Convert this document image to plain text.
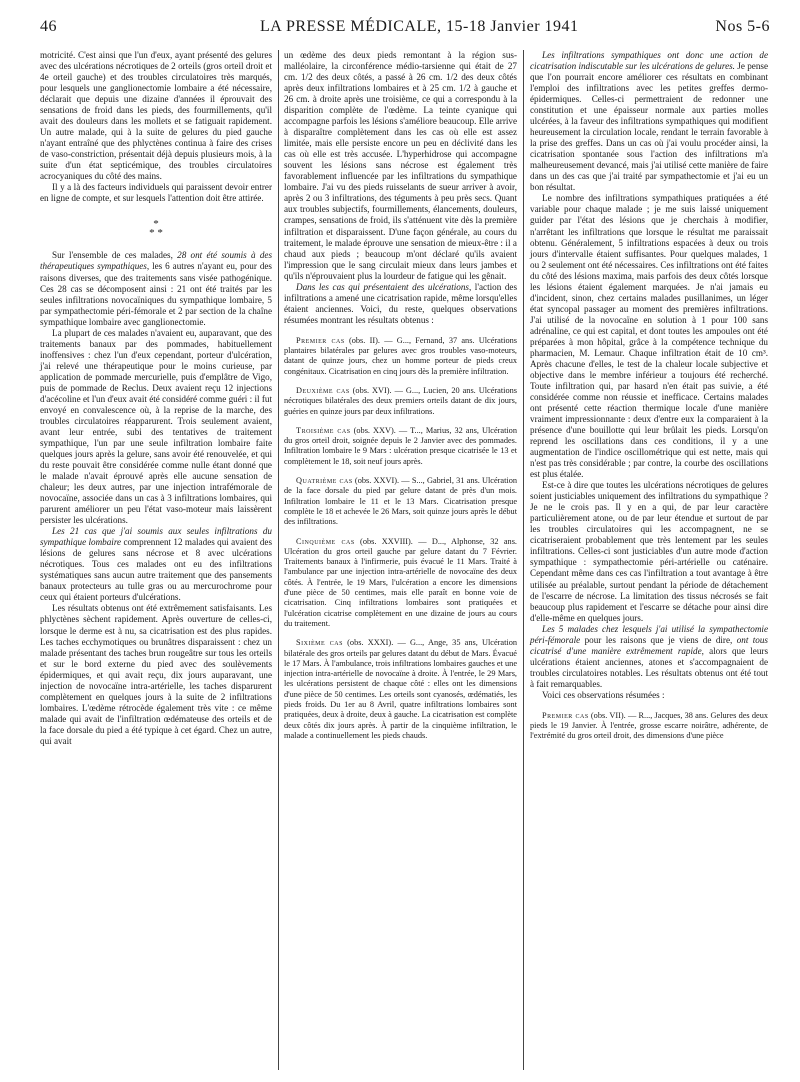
46	LA PRESSE MÉDICALE, 15-18 Janvier 1941	Nos 5-6

motricité. C'est ainsi que l'un d'eux, ayant présenté des gelures avec des ulcérations nécrotiques de 2 orteils (gros orteil droit et 4e orteil gauche) et des troubles circulatoires très marqués, pour lesquels une ganglionectomie lombaire a été nécessaire, déclarait que depuis une dizaine d'années il éprouvait des sensations de froid dans les pieds, des fourmillements, qu'il avait des douleurs dans les mollets et se fatiguait rapidement. Un autre malade, qui à la suite de gelures du pied gauche n'ayant entraîné que des phlyctènes continua à faire des crises de vaso-constriction, présentait déjà depuis plusieurs mois, à la suite d'un état septicémique, des troubles circulatoires acrocyaniques du côté des mains.

Il y a là des facteurs individuels qui paraissent devoir entrer en ligne de compte, et sur lesquels l'attention doit être attirée.

*
* *

Sur l'ensemble de ces malades, 28 ont été soumis à des thérapeutiques sympathiques, les 6 autres n'ayant eu, pour des raisons diverses, que des traitements sans visée pathogénique. Ces 28 cas se décomposent ainsi : 21 ont été traités par les seules infiltrations novocaïniques du sympathique lombaire, 5 par sympathectomie péri-fémorale et 2 par section de la chaîne sympathique lombaire avec ganglionectomie.

La plupart de ces malades n'avaient eu, auparavant, que des traitements banaux par des pommades, habituellement inoffensives : chez l'un d'eux cependant, porteur d'ulcération, j'ai relevé une thérapeutique pour le moins curieuse, par application de pommade mercurielle, puis d'emplâtre de Vigo, puis de pommade de Reclus. Deux avaient reçu 12 injections d'acécoline et l'un d'eux avait été considéré comme guéri : il fut envoyé en convalescence où, à la reprise de la marche, des troubles circulatoires réapparurent. Trois seulement avaient, avant leur entrée, subi des tentatives de traitement sympathique, l'un par une seule infiltration lombaire faite quelques jours après la gelure, sans avoir été renouvelée, et qui du reste pouvait être considérée comme nulle étant donné que le malade n'avait éprouvé après elle aucune sensation de chaleur; les deux autres, par une injection intrafémorale de novocaïne, associée dans un cas à 3 infiltrations lombaires, qui parurent améliorer un peu l'état vaso-moteur mais laissèrent persister les ulcérations.

Les 21 cas que j'ai soumis aux seules infiltrations du sympathique lombaire comprennent 12 malades qui avaient des lésions de gelures sans nécrose et 8 avec ulcérations nécrotiques. Tous ces malades ont eu des infiltrations systématiques sans aucun autre traitement que des pansements banaux protecteurs au tulle gras ou au mercurochrome pour ceux qui étaient porteurs d'ulcérations.

Les résultats obtenus ont été extrêmement satisfaisants. Les phlyctènes sèchent rapidement. Après ouverture de celles-ci, lorsque le derme est à nu, sa cicatrisation est des plus rapides. Les taches ecchymotiques ou brunâtres disparaissent : chez un malade présentant des taches brun rougeâtre sur tous les orteils et sur le bord externe du pied avec des soulèvements épidermiques, et qui avait reçu, dix jours auparavant, une injection de novocaïne intra-artérielle, les taches disparurent complètement en quelques jours à la suite de 2 infiltrations lombaires. L'œdème rétrocède également très vite : ce même malade qui avait de l'infiltration œdémateuse des orteils et de la face dorsale du pied a été typique à cet égard. Chez un autre, qui avait

un œdème des deux pieds remontant à la région sus-malléolaire, la circonférence médio-tarsienne qui était de 27 cm. 1/2 des deux côtés, a passé à 26 cm. 1/2 des deux côtés après deux infiltrations lombaires et à 25 cm. 1/2 à gauche et 26 cm. à droite après une troisième, ce qui a correspondu à la disparition complète de l'œdème. La teinte cyanique qui accompagne parfois les lésions s'améliore beaucoup. Elle arrive à disparaître complètement dans les cas où elle est assez limitée, mais elle persiste encore un peu en déclivité dans les cas où elle est très accusée. L'hyperhidrose qui accompagne souvent les lésions sans nécrose est également très favorablement influencée par les infiltrations du sympathique lombaire. J'ai vu des pieds ruisselants de sueur arriver à avoir, après 2 ou 3 infiltrations, des téguments à peu près secs. Quant aux troubles subjectifs, fourmillements, élancements, douleurs, crampes, sensations de froid, ils s'atténuent vite dès la première infiltration et disparaissent. D'une façon générale, au cours du traitement, le malade éprouve une sensation de mieux-être : il a chaud aux pieds ; beaucoup m'ont déclaré qu'ils avaient l'impression que le sang circulait mieux dans leurs jambes et qu'ils n'éprouvaient plus la lourdeur de fatigue qui les gênait.

Dans les cas qui présentaient des ulcérations, l'action des infiltrations a amené une cicatrisation rapide, même lorsqu'elles étaient anciennes. Voici, du reste, quelques observations résumées montrant les résultats obtenus :

Premier cas (obs. II). — G..., Fernand, 37 ans. Ulcérations plantaires bilatérales par gelures avec gros troubles vaso-moteurs, datant de quinze jours, chez un homme porteur de pieds creux congénitaux. Cicatrisation en cinq jours dès la première infiltration.

Deuxième cas (obs. XVI). — G..., Lucien, 20 ans. Ulcérations nécrotiques bilatérales des deux premiers orteils datant de dix jours, guéries en quinze jours par deux infiltrations.

Troisième cas (obs. XXV). — T..., Marius, 32 ans, Ulcération du gros orteil droit, soignée depuis le 2 Janvier avec des pommades. Infiltration lombaire le 9 Mars : ulcération presque cicatrisée le 13 et complètement le 18, soit neuf jours après.

Quatrième cas (obs. XXVI). — S..., Gabriel, 31 ans. Ulcération de la face dorsale du pied par gelure datant de près d'un mois. Infiltration lombaire le 11 et le 13 Mars. Cicatrisation presque complète le 18 et achevée le 26 Mars, soit quinze jours après le début des infiltrations.

Cinquième cas (obs. XXVIII). — D..., Alphonse, 32 ans. Ulcération du gros orteil gauche par gelure datant du 7 Février. Traitements banaux à l'infirmerie, puis évacué le 11 Mars. Traité à l'ambulance par une injection intra-artérielle de novocaïne des deux côtés. À l'entrée, le 19 Mars, l'ulcération a encore les dimensions d'une pièce de 50 centimes, mais elle paraît en bonne voie de cicatrisation. Cinq infiltrations lombaires sont pratiquées et l'ulcération cicatrise complètement en une dizaine de jours au cours du traitement.

Sixième cas (obs. XXXI). — G..., Ange, 35 ans, Ulcération bilatérale des gros orteils par gelures datant du début de Mars. Évacué le 17 Mars. À l'ambulance, trois infiltrations lombaires gauches et une injection intra-artérielle de novocaïne à droite. À l'entrée, le 29 Mars, les ulcérations persistent de chaque côté : elles ont les dimensions d'une pièce de 50 centimes. Les orteils sont cyanosés, œdématiés, les pieds froids. Du 1er au 8 Avril, quatre infiltrations lombaires sont pratiquées, deux à droite, deux à gauche. La cicatrisation est complète deux côtés dix jours après. À partir de la cinquième infiltration, le malade a continuellement les pieds chauds.

Les infiltrations sympathiques ont donc une action de cicatrisation indiscutable sur les ulcérations de gelures. Je pense que l'on pourrait encore améliorer ces résultats en combinant l'emploi des infiltrations avec les petites greffes dermo-épidermiques. Celles-ci permettraient de redonner une constitution et une épaisseur normale aux parties molles ulcérées, à la faveur des infiltrations sympathiques qui modifient heureusement la circulation locale, rendant le terrain favorable à la prise des greffes. Dans un cas où j'ai voulu procéder ainsi, la cicatrisation spontanée sous l'action des infiltrations m'a malheureusement devancé, mais j'ai utilisé cette manière de faire dans un des cas que j'ai traité par sympathectomie et j'ai eu un bon résultat.

Le nombre des infiltrations sympathiques pratiquées a été variable pour chaque malade ; je me suis laissé uniquement guider par l'état des lésions que je cherchais à modifier, n'arrêtant les infiltrations que lorsque le résultat me paraissait obtenu. Généralement, 5 infiltrations espacées à deux ou trois jours d'intervalle étaient suffisantes. Pour quelques malades, 1 ou 2 seulement ont été nécessaires. Ces infiltrations ont été faites du côté des lésions maxima, mais parfois des deux côtés lorsque les lésions étaient également marquées. Je n'ai jamais eu d'incident, sinon, chez certains malades pusillanimes, un léger état syncopal passager au moment des premières infiltrations. J'ai utilisé de la novocaïne en solution à 1 pour 100 sans adrénaline, ce qui est capital, et dont toutes les ampoules ont été préparées à mon hôpital, grâce à la compétence technique du pharmacien, M. Lemaur. Chaque infiltration était de 10 cm³. Après chacune d'elles, le test de la chaleur locale subjective et objective dans le membre inférieur a toujours été recherché. Toute infiltration qui, par hasard n'en était pas suivie, a été considérée comme non réussie et inefficace. Certains malades ont présenté cette réaction thermique locale d'une manière vraiment impressionnante : deux d'entre eux la comparaient à la présence d'une bouillotte qui leur brûlait les pieds. Lorsqu'on reprend les oscillations dans ces conditions, il y a une augmentation de l'indice oscillométrique qui est nette, mais qui n'est pas très considérable ; par contre, la courbe des oscillations est plus étalée.

Est-ce à dire que toutes les ulcérations nécrotiques de gelures soient justiciables uniquement des infiltrations du sympathique ? Je ne le crois pas. Il y en a qui, de par leur caractère particulièrement atone, ou de par leur étendue et surtout de par les troubles circulatoires qui les accompagnent, ne se cicatriseraient probablement que très lentement par les seules infiltrations. Celles-ci sont justiciables d'un autre mode d'action sympathique : sympathectomie péri-artérielle ou caténaire. Cependant même dans ces cas l'infiltration a tout avantage à être utilisée au préalable, surtout pendant la période de détachement de l'escarre de nécrose. La limitation des tissus nécrosés se fait beaucoup plus rapidement et l'escarre se détache pour ainsi dire d'elle-même en quelques jours.

Les 5 malades chez lesquels j'ai utilisé la sympathectomie péri-fémorale pour les raisons que je viens de dire, ont tous cicatrisé d'une manière extrêmement rapide, alors que leurs ulcérations étaient anciennes, atones et s'accompagnaient de troubles circulatoires notables. Les résultats obtenus ont été tout à fait remarquables.

Voici ces observations résumées :

Premier cas (obs. VII). — R..., Jacques, 38 ans. Gelures des deux pieds le 19 Janvier. À l'entrée, grosse escarre noirâtre, adhérente, de l'extrémité du gros orteil droit, des dimensions d'une pièce
